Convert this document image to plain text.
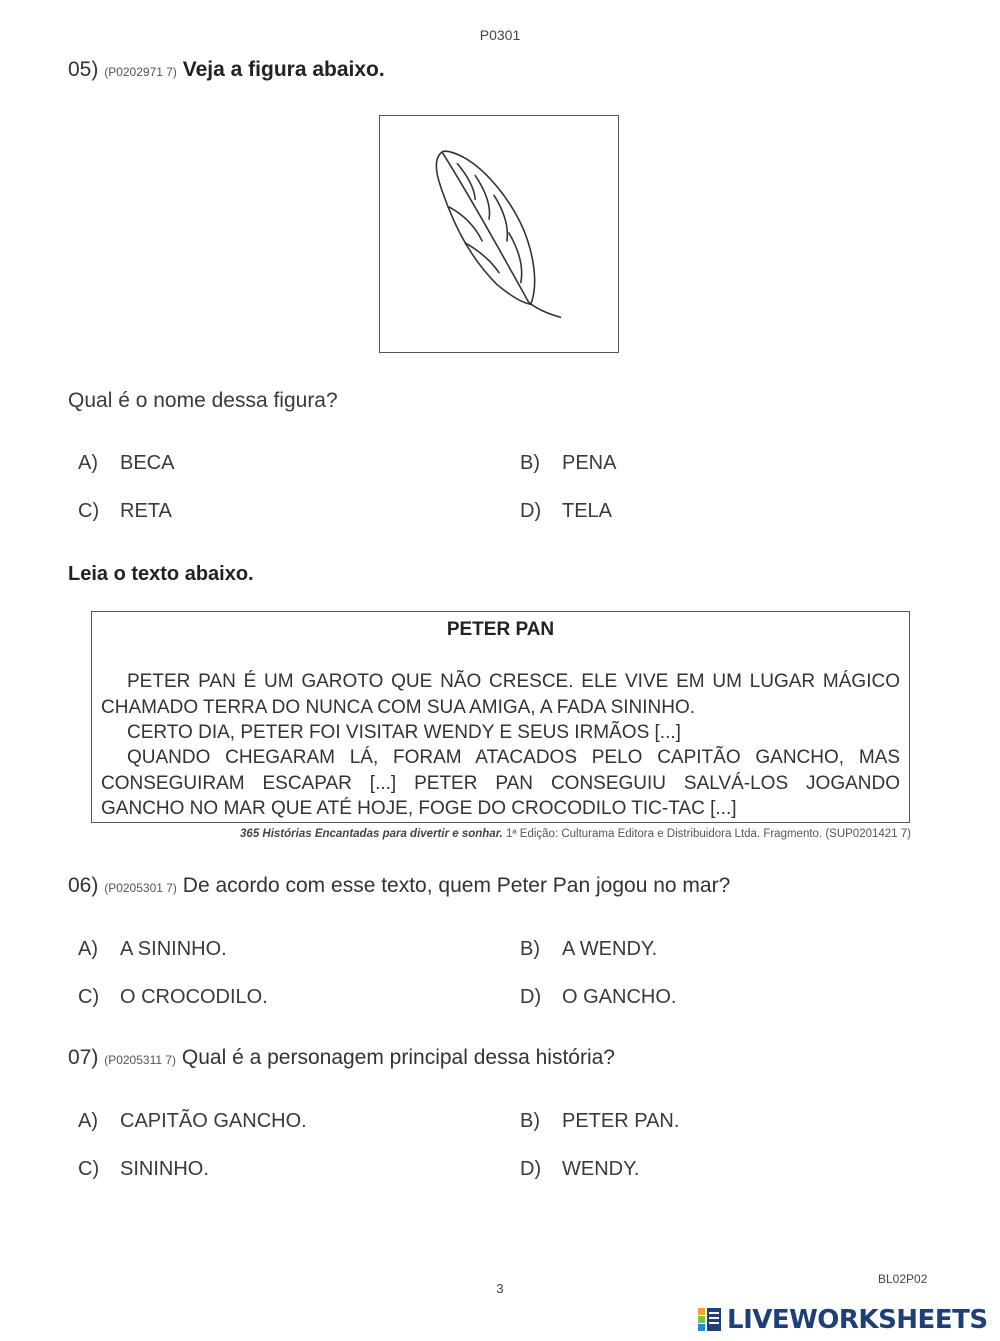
P0301
05) (P0202971 7) Veja a figura abaixo.
Qual é o nome dessa figura?
A) BECA	B) PENA
C) RETA	D) TELA
Leia o texto abaixo.
PETER PAN
PETER PAN É UM GAROTO QUE NÃO CRESCE. ELE VIVE EM UM LUGAR MÁGICO CHAMADO TERRA DO NUNCA COM SUA AMIGA, A FADA SININHO.
CERTO DIA, PETER FOI VISITAR WENDY E SEUS IRMÃOS [...]
QUANDO CHEGARAM LÁ, FORAM ATACADOS PELO CAPITÃO GANCHO, MAS CONSEGUIRAM ESCAPAR [...] PETER PAN CONSEGUIU SALVÁ-LOS JOGANDO GANCHO NO MAR QUE ATÉ HOJE, FOGE DO CROCODILO TIC-TAC [...]
365 Histórias Encantadas para divertir e sonhar. 1ª Edição: Culturama Editora e Distribuidora Ltda. Fragmento. (SUP0201421 7)
06) (P0205301 7) De acordo com esse texto, quem Peter Pan jogou no mar?
A) A SININHO.	B) A WENDY.
C) O CROCODILO.	D) O GANCHO.
07) (P0205311 7) Qual é a personagem principal dessa história?
A) CAPITÃO GANCHO.	B) PETER PAN.
C) SININHO.	D) WENDY.
3
BL02P02
LIVEWORKSHEETS
